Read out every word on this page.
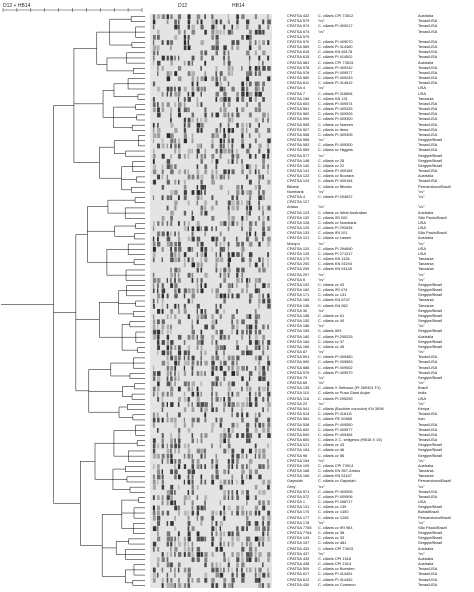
D12 + HB14	D12	HB14
CPATSA 432 C. ciliaris CPI 73512	Australia
CPATSA 579 "cv"	Texas/USA
CPATSA 574 C. ciliaris PI 409217	Texas/USA
CPATSA 574 "cv"	Texas/USA
CPATSA 579
CPATSA 570 C. ciliaris PI 409070	Texas/USA
CPATSA 569 C. ciliaris PI 414460	Texas/USA
CPATSA 615 C. ciliaris KN 65178	Texas/USA
CPATSA 615 C. ciliaris PI 414502	Texas/USA
CPATSA 581 C. ciliaris CPI 73515	Australia
CPATSA 578 C. ciliaris PI 409242	Texas/USA
CPATSA 576 C. ciliaris PI 409577	Texas/USA
CPATSA 580 C. ciliaris PI 409243	Texas/USA
CPATSA 611 C. ciliaris PI 414612	Texas/USA
CPATSA 4	"cv"	USA
CPATSA 7	C. ciliaris PI 316654	USA
CPATSA 156 C. ciliaris KN 131	Tanzania
CPATSA 603 C. ciliaris PI 409574	Texas/USA
CPATSA 561 C. ciliaris PI 409325	Texas/USA
CPATSA 562 C. ciliaris PI 409326	Texas/USA
CPATSA 599 C. ciliaris PI 409300	Texas/USA
CPATSA 505 C. ciliaris cv Nueces	Texas/USA
CPATSA 507 C. ciliaris cv llano	Texas/USA
CPATSA 558 C. ciliaris PI 409305	Texas/USA
CPATSA 556 "cv"	Sergipe/Brazil
CPATSA 553 C. ciliaris PI 409300	Texas/USA
CPATSA 559 C. ciliaris cv Higgins	Texas/USA
CPATSA 577 "cv"	Sergipe/Brazil
CPATSA 148 C. ciliaris cv 28	Sergipe/Brazil
CPATSA 140 C. ciliaris cv 22	Sergipe/Brazil
CPATSA 141 C. ciliaris PI 409164	Texas/USA
CPATSA 123 C. ciliaris cv Boorara	Australia
CPATSA 124 C. ciliaris PI 409164	Texas/USA
Biloela	C. ciliaris cv Biloela	Pernambuco/Brazil
Numbank	"cv"	"cv"
CPATSA 4	C. ciliaris PI 294637	"cv"
CPATSA 127
Aridus	"cv"	"cv"
CPATSA 123 C. ciliaris cv West Australian	Australia
CPATSA 132 C. ciliaris IRI 000	São Paulo/Brazil
CPATSA 128 C. ciliaris cv Numbank	USA
CPATSA 129 C. ciliaris PI 292634	USA
CPATSA 133 C. ciliaris IRI 101	São Paulo/Brazil
CPATSA 121 C. ciliaris cv Lawes	Australia
Molopo	"cv"	"cv"
CPATSA 120 C. ciliaris PI 294690	USA
CPATSA 125 C. ciliaris PI 271217	USA
CPATSA 170 C. ciliaris KN 1126	Tanzania
CPATSA 200 C. ciliaris KN 51194	Tanzania
CPATSA 205 C. ciliaris KN 51145	Tanzania
CPATSA 207 "cv"	"cv"
CPATSA 5	"cv"	"cv"
CPATSA 192 C. ciliaris cv 43	Sergipe/Brazil
CPATSA 182 C. ciliaris IRI 474	Sergipe/Brazil
CPATSA 171 C. ciliaris cv 131	Sergipe/Brazil
CPATSA 165 C. ciliaris KN 6747	Tanzania
CPATSA 136 C. ciliaris KN 562	Tanzania
CPATSA 30	"cv"	Sergipe/Brazil
CPATSA 158 C. ciliaris cv 61	Sergipe/Brazil
CPATSA 130 C. ciliaris cv 40	Sergipe/Brazil
CPATSA 186 "cv"	"cv"
CPATSA 159 C. ciliaris 509	Sergipe/Brazil
CPATSA 160 C. ciliaris PI 295225	Australia
CPATSA 164 C. ciliaris cv 37	Sergipe/Brazil
CPATSA 166 C. ciliaris cv 45	Sergipe/Brazil
CPATSA 87	"cv"	"cv"
CPATSA 591 C. ciliaris PI 409460	Texas/USA
CPATSA 590 C. ciliaris PI 409583	Texas/USA
CPATSA 588 C. ciliaris PI 409502	Texas/USA
CPATSA 575 C. ciliaris PI 409570	Texas/USA
CPATSA 79	"cv"	Sergipe/Brazil
CPATSA 65	"cv"	"cv"
CPATSA 135 C. ciliaris X Setivoso (PI 269401 F1)	Brazil
CPATSA 110 C. ciliaris cv Pusa Giant Anjan	India
CPATSA 118 C. ciliaris PI 295259	USA
CPATSA 22	"cv"	"cv"
CPATSA 541 C. ciliaris (Buchloe concolor) KN 3008	Kenya
CPATSA 514 C. ciliaris PI 416111	Texas/USA
CPATSA 564 C. ciliaris PE 00868	Iran
CPATSA 536 C. ciliaris PI 409550	Texas/USA
CPATSA 602 C. ciliaris PI 409577	Texas/USA
CPATSA 600 C. ciliaris PI 409464	Texas/USA
CPATSA 600 C. ciliaris X C. setigerus (HB18 X 15)	Texas/USA
CPATSA 121 C. ciliaris cv 43	Sergipe/Brazil
CPATSA 154 C. ciliaris cv 46	Sergipe/Brazil
CPATSA 98	C. ciliaris cv 56	Sergipe/Brazil
CPATSA 154 "cv"	"cv"
CPATSA 109 C. ciliaris CPI 73914	Australia
CPATSA 168 C. ciliaris KN 557-Aridus	Tanzania
CPATSA 166 C. ciliaris KN 51167	Tanzania
Gayndah	C. ciliaris cv Gayndah	Pernambuco/Brazil
Grey	"cv"	"cv"
CPATSA 571 C. ciliaris PI 409505	Texas/USA
CPATSA 572 C. ciliaris PI 409506	Texas/USA
CPATSA 1	C. ciliaris PI 268717	USA
CPATSA 131 C. ciliaris cv 139	Sergipe/Brazil
CPATSA 170 C. ciliaris cv 1450	Bahia/Brazil
CPATSA 177 C. ciliaris cv 1258	Pernambuco/Brazil
CPATSA 178 "cv"	"cv"
CPATSA 7765 C. ciliaris cv IRI 963	São Paulo/Brazil
CPATSA 7764 C. ciliaris cv 38	Sergipe/Brazil
CPATSA 143 C. ciliaris cv 33	Sergipe/Brazil
CPATSA 157 C. ciliaris cv 481	Sergipe/Brazil
CPATSA 433 C. ciliaris CPI 73915	Australia
CPATSA 437 "cv"	"cv"
CPATSA 439 C. ciliaris CPI 1518	Australia
CPATSA 438 C. ciliaris CPI 1514	Australia
CPATSA 509 C. ciliaris cv Boerden	Texas/USA
CPATSA 617 C. ciliaris PI 414451	Texas/USA
CPATSA 612 C. ciliaris PI 414452	Texas/USA
CPATSA 430 C. ciliaris cv Common	Texas/USA
